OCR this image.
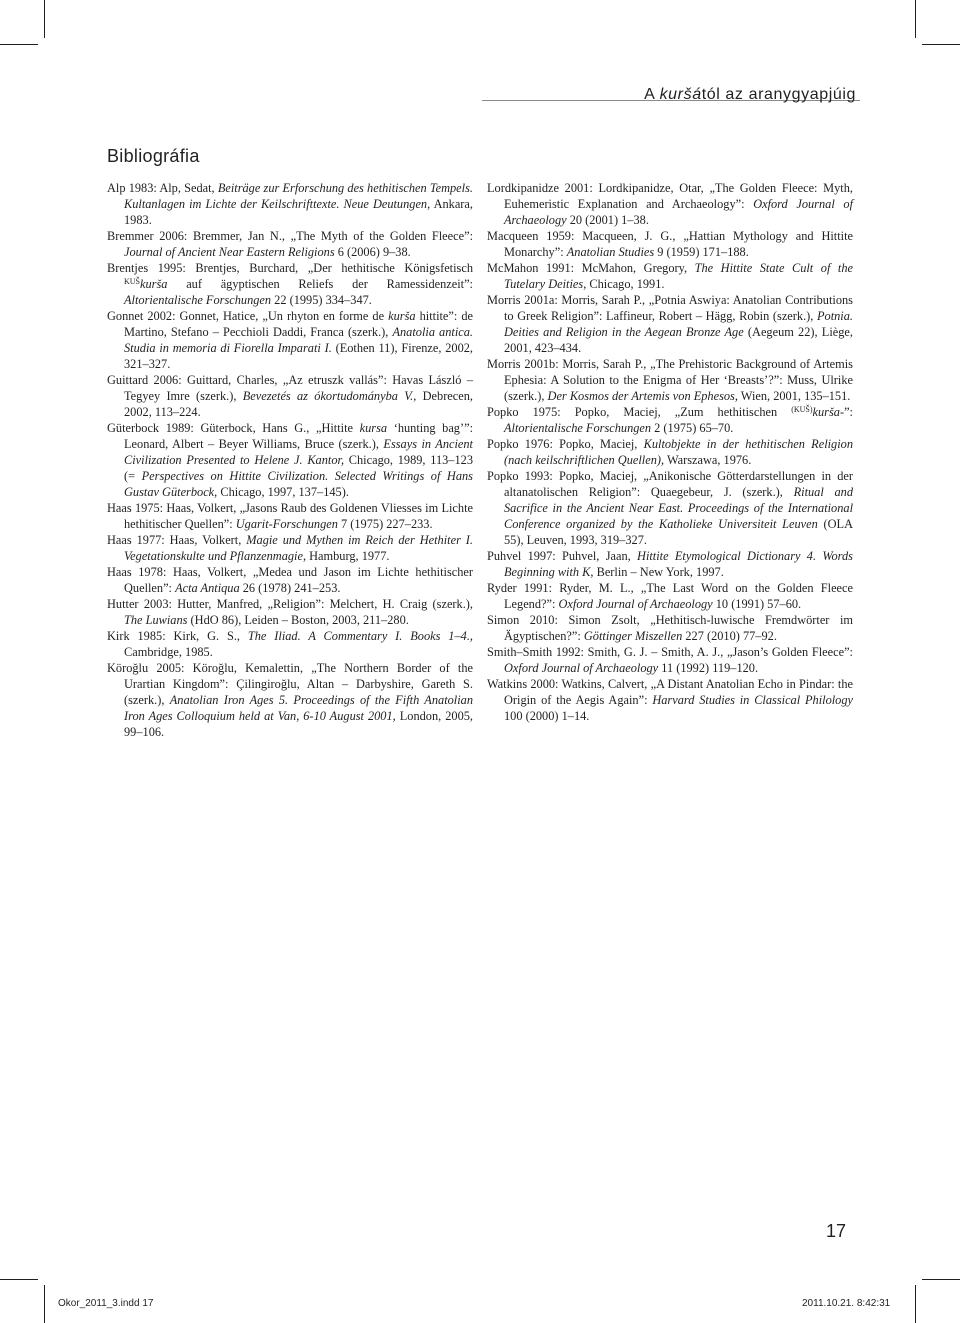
A kuršától az aranygyapjúig
Bibliográfia

Alp 1983: Alp, Sedat, Beiträge zur Erforschung des hethitischen Tempels. Kultanlagen im Lichte der Keilschrifttexte. Neue Deutungen, Ankara, 1983.

Bremmer 2006: Bremmer, Jan N., „The Myth of the Golden Fleece”: Journal of Ancient Near Eastern Religions 6 (2006) 9–38.

Brentjes 1995: Brentjes, Burchard, „Der hethitische Königsfetisch $^{KUŠ}$kurša auf ägyptischen Reliefs der Ramessidenzeit”: Altorientalische Forschungen 22 (1995) 334–347.

Gonnet 2002: Gonnet, Hatice, „Un rhyton en forme de kurša hittite”: de Martino, Stefano – Pecchioli Daddi, Franca (szerk.), Anatolia antica. Studia in memoria di Fiorella Imparati I. (Eothen 11), Firenze, 2002, 321–327.

Guittard 2006: Guittard, Charles, „Az etruszk vallás”: Havas László – Tegyey Imre (szerk.), Bevezetés az ókortudományba V., Debrecen, 2002, 113–224.

Güterbock 1989: Güterbock, Hans G., „Hittite kursa ‘hunting bag’”: Leonard, Albert – Beyer Williams, Bruce (szerk.), Essays in Ancient Civilization Presented to Helene J. Kantor, Chicago, 1989, 113–123 (= Perspectives on Hittite Civilization. Selected Writings of Hans Gustav Güterbock, Chicago, 1997, 137–145).

Haas 1975: Haas, Volkert, „Jasons Raub des Goldenen Vliesses im Lichte hethitischer Quellen”: Ugarit-Forschungen 7 (1975) 227–233.

Haas 1977: Haas, Volkert, Magie und Mythen im Reich der Hethiter I. Vegetationskulte und Pflanzenmagie, Hamburg, 1977.

Haas 1978: Haas, Volkert, „Medea und Jason im Lichte hethitischer Quellen”: Acta Antiqua 26 (1978) 241–253.

Hutter 2003: Hutter, Manfred, „Religion”: Melchert, H. Craig (szerk.), The Luwians (HdO 86), Leiden – Boston, 2003, 211–280.

Kirk 1985: Kirk, G. S., The Iliad. A Commentary I. Books 1–4., Cambridge, 1985.

Köroğlu 2005: Köroğlu, Kemalettin, „The Northern Border of the Urartian Kingdom”: Çilingiroğlu, Altan – Darbyshire, Gareth S. (szerk.), Anatolian Iron Ages 5. Proceedings of the Fifth Anatolian Iron Ages Colloquium held at Van, 6-10 August 2001, London, 2005, 99–106.

Lordkipanidze 2001: Lordkipanidze, Otar, „The Golden Fleece: Myth, Euhemeristic Explanation and Archaeology”: Oxford Journal of Archaeology 20 (2001) 1–38.

Macqueen 1959: Macqueen, J. G., „Hattian Mythology and Hittite Monarchy”: Anatolian Studies 9 (1959) 171–188.

McMahon 1991: McMahon, Gregory, The Hittite State Cult of the Tutelary Deities, Chicago, 1991.

Morris 2001a: Morris, Sarah P., „Potnia Aswiya: Anatolian Contributions to Greek Religion”: Laffineur, Robert – Hägg, Robin (szerk.), Potnia. Deities and Religion in the Aegean Bronze Age (Aegeum 22), Liège, 2001, 423–434.

Morris 2001b: Morris, Sarah P., „The Prehistoric Background of Artemis Ephesia: A Solution to the Enigma of Her ‘Breasts’?”: Muss, Ulrike (szerk.), Der Kosmos der Artemis von Ephesos, Wien, 2001, 135–151.

Popko 1975: Popko, Maciej, „Zum hethitischen $^{(KUŠ)}$kurša-”: Altorientalische Forschungen 2 (1975) 65–70.

Popko 1976: Popko, Maciej, Kultobjekte in der hethitischen Religion (nach keilschriftlichen Quellen), Warszawa, 1976.

Popko 1993: Popko, Maciej, „Anikonische Götterdarstellungen in der altanatolischen Religion”: Quaegebeur, J. (szerk.), Ritual and Sacrifice in the Ancient Near East. Proceedings of the International Conference organized by the Katholieke Universiteit Leuven (OLA 55), Leuven, 1993, 319–327.

Puhvel 1997: Puhvel, Jaan, Hittite Etymological Dictionary 4. Words Beginning with K, Berlin – New York, 1997.

Ryder 1991: Ryder, M. L., „The Last Word on the Golden Fleece Legend?”: Oxford Journal of Archaeology 10 (1991) 57–60.

Simon 2010: Simon Zsolt, „Hethitisch-luwische Fremdwörter im Ägyptischen?”: Göttinger Miszellen 227 (2010) 77–92.

Smith–Smith 1992: Smith, G. J. – Smith, A. J., „Jason’s Golden Fleece”: Oxford Journal of Archaeology 11 (1992) 119–120.

Watkins 2000: Watkins, Calvert, „A Distant Anatolian Echo in Pindar: the Origin of the Aegis Again”: Harvard Studies in Classical Philology 100 (2000) 1–14.

17
Okor_2011_3.indd 17	2011.10.21. 8:42:31
